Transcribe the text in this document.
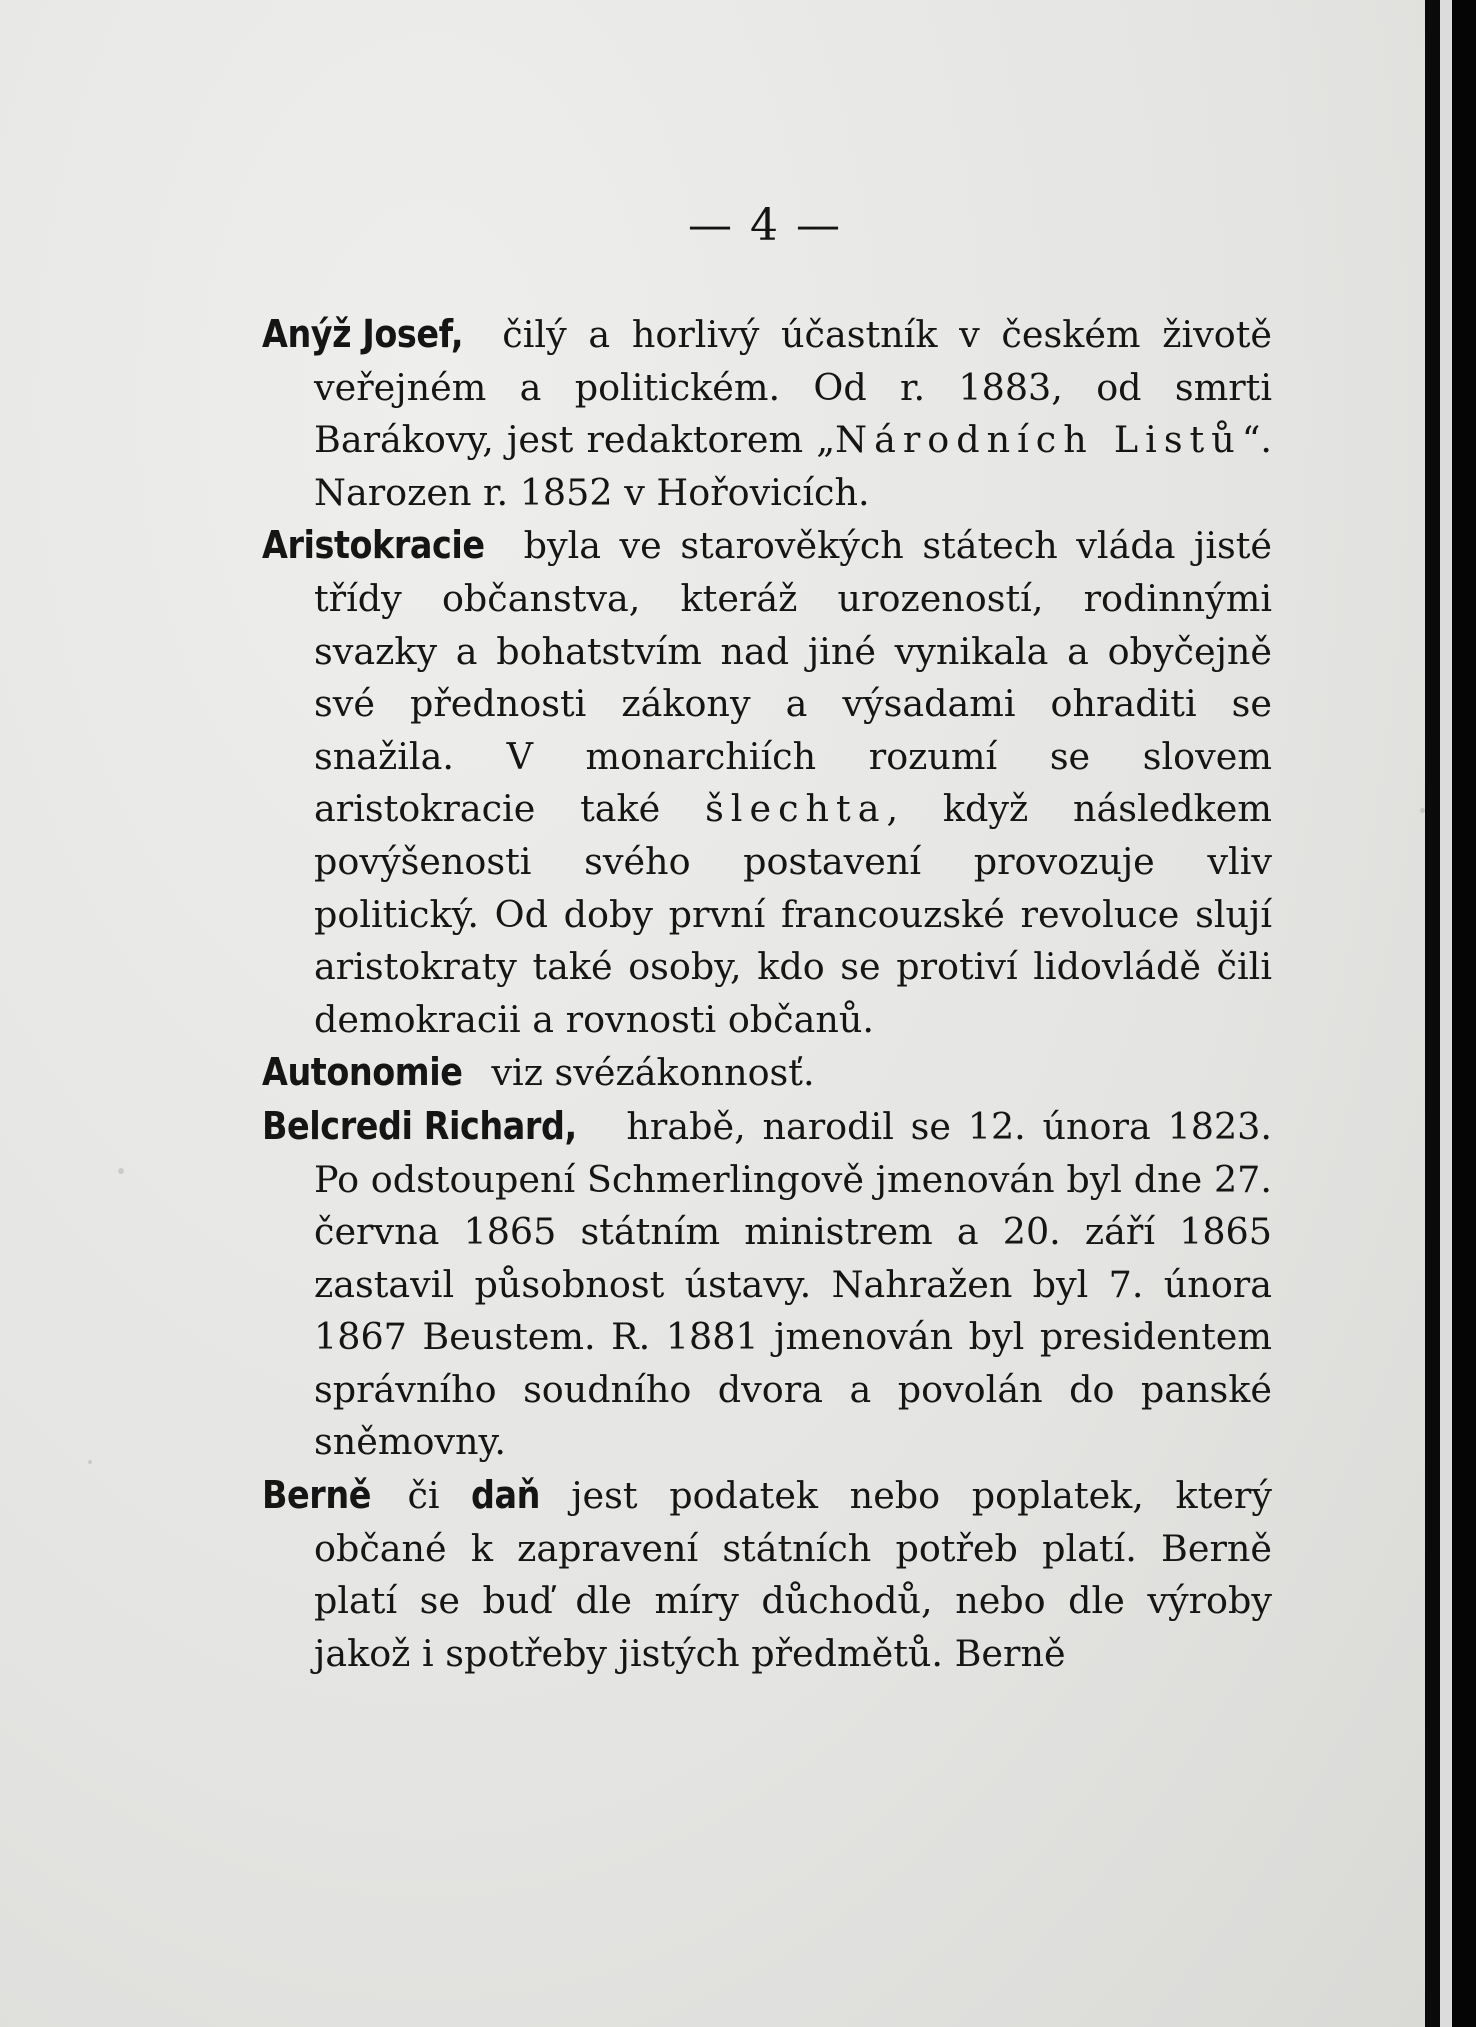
— 4 —

Anýž Josef, čilý a horlivý účastník v českém životě veřejném a politickém. Od r. 1883, od smrti Barákovy, jest redaktorem „Národních Listů“. Narozen r. 1852 v Hořovicích.

Aristokracie byla ve starověkých státech vláda jisté třídy občanstva, kteráž urozeností, rodinnými svazky a bohatstvím nad jiné vynikala a obyčejně své přednosti zákony a výsadami ohraditi se snažila. V monarchiích rozumí se slovem aristokracie také šlechta, když následkem povýšenosti svého postavení provozuje vliv politický. Od doby první francouzské revoluce slují aristokraty také osoby, kdo se protiví lidovládě čili demokracii a rovnosti občanů.

Autonomie viz svézákonnosť.

Belcredi Richard, hrabě, narodil se 12. února 1823. Po odstoupení Schmerlingově jmenován byl dne 27. června 1865 státním ministrem a 20. září 1865 zastavil působnost ústavy. Nahražen byl 7. února 1867 Beustem. R. 1881 jmenován byl presidentem správního soudního dvora a povolán do panské sněmovny.

Berně či daň jest podatek nebo poplatek, který občané k zapravení státních potřeb platí. Berně platí se buď dle míry důchodů, nebo dle výroby jakož i spotřeby jistých předmětů. Berně
